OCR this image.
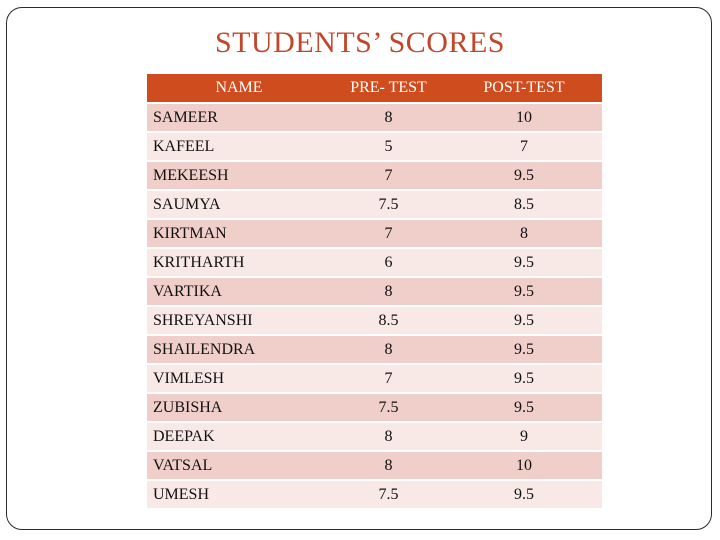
STUDENTS’ SCORES
NAME	PRE- TEST	POST-TEST
SAMEER	8	10
KAFEEL	5	7
MEKEESH	7	9.5
SAUMYA	7.5	8.5
KIRTMAN	7	8
KRITHARTH	6	9.5
VARTIKA	8	9.5
SHREYANSHI	8.5	9.5
SHAILENDRA	8	9.5
VIMLESH	7	9.5
ZUBISHA	7.5	9.5
DEEPAK	8	9
VATSAL	8	10
UMESH	7.5	9.5
